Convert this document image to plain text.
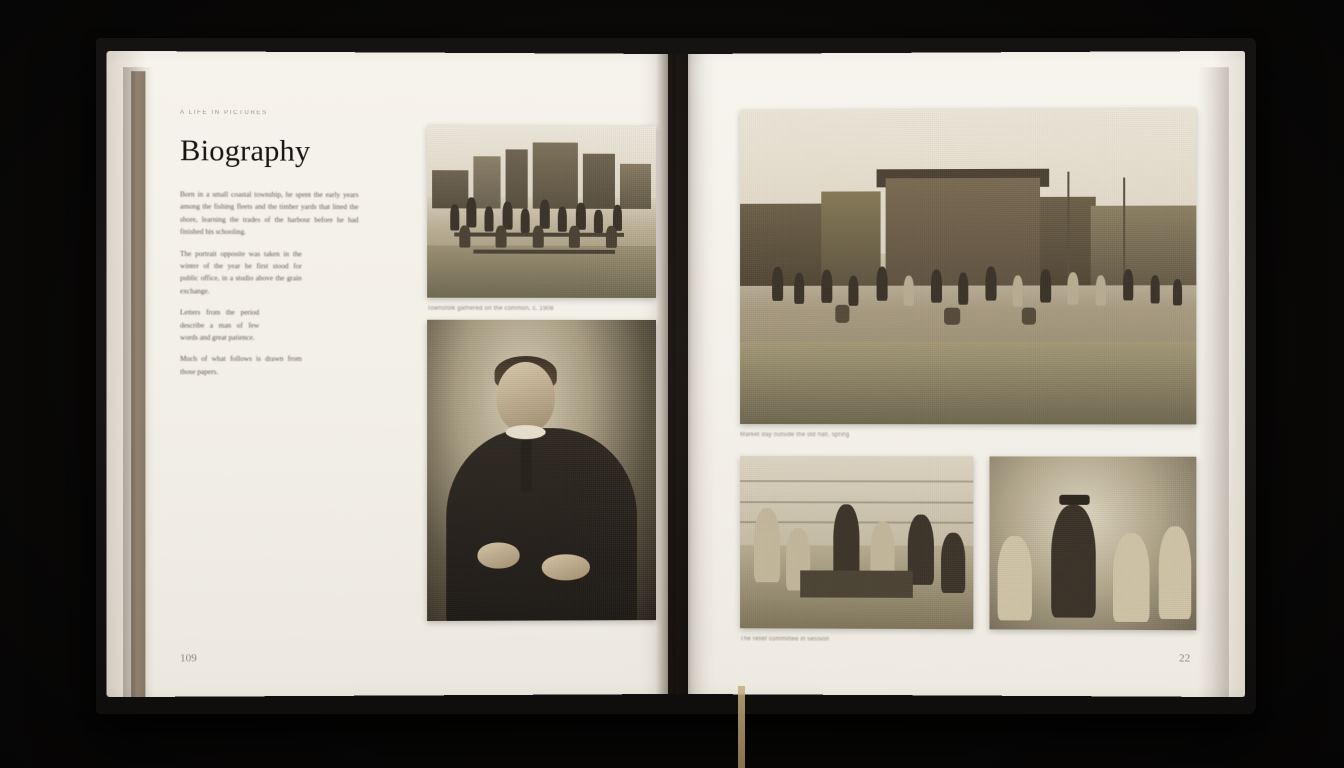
A LIFE IN PICTURES
Biography

Born in a small coastal township, he spent the early years among the fishing fleets and the timber yards that lined the shore, learning the trades of the harbour before he had finished his schooling.

The portrait opposite was taken in the winter of the year he first stood for public office, in a studio above the grain exchange.

Letters from the period describe a man of few words and great patience.

Much of what follows is drawn from those papers.

Townsfolk gathered on the common, c. 1908
109
Market day outside the old hall, spring
The relief committee in session
22
